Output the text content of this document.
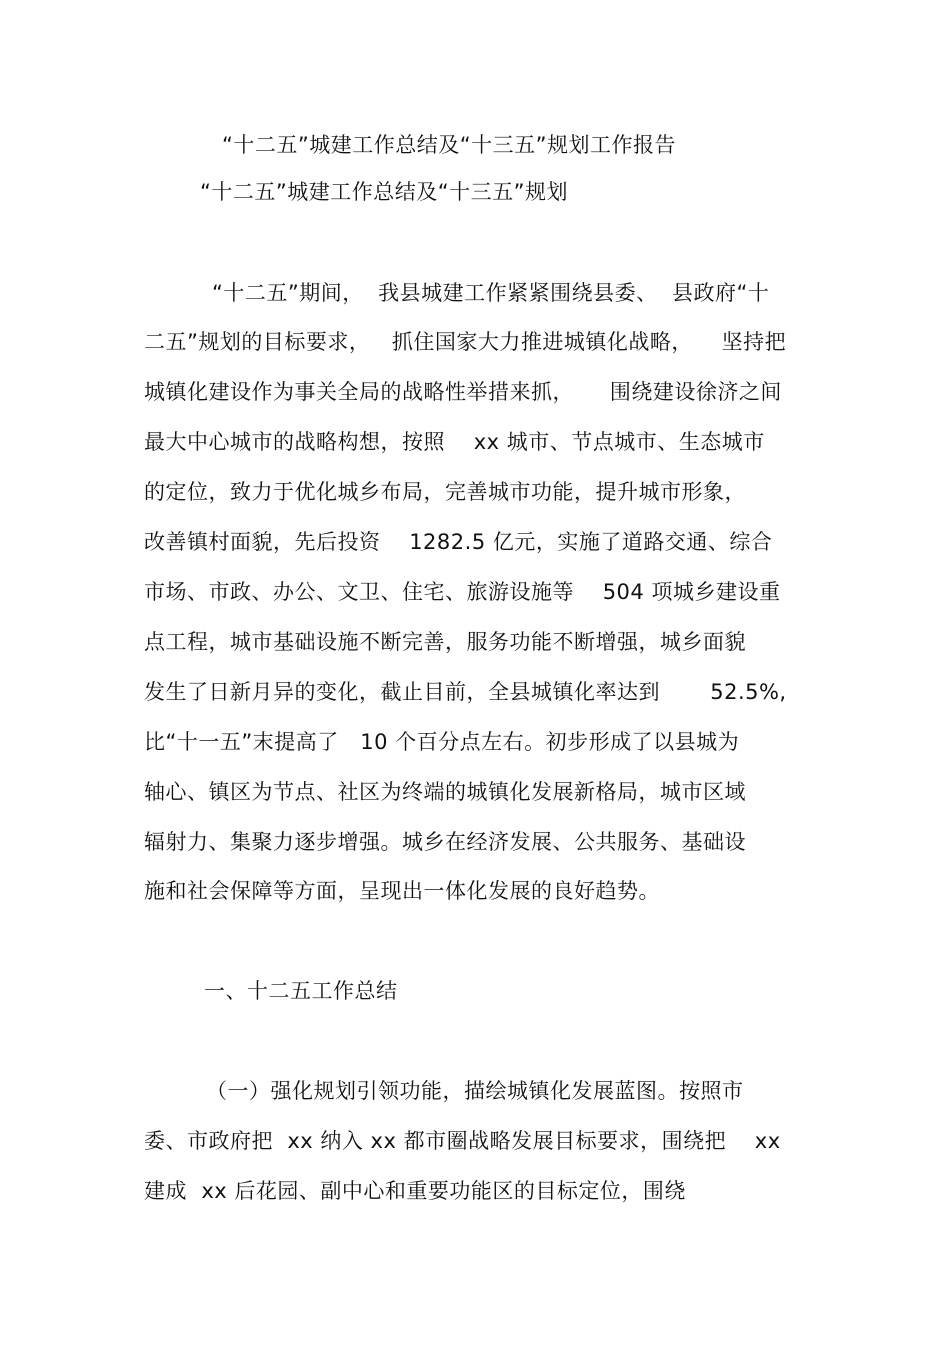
“十二五”城建工作总结及“十三五”规划工作报告
“十二五”城建工作总结及“十三五”规划
“十二五”期间，  我县城建工作紧紧围绕县委、  县政府“十
二五”规划的目标要求，   抓住国家大力推进城镇化战略，    坚持把
城镇化建设作为事关全局的战略性举措来抓，     围绕建设徐济之间
最大中心城市的战略构想，按照    xx 城市、节点城市、生态城市
的定位，致力于优化城乡布局，完善城市功能，提升城市形象，
改善镇村面貌，先后投资    1282.5 亿元，实施了道路交通、综合
市场、市政、办公、文卫、住宅、旅游设施等    504 项城乡建设重
点工程，城市基础设施不断完善，服务功能不断增强，城乡面貌
发生了日新月异的变化，截止目前，全县城镇化率达到       52.5%,
比“十一五”末提高了   10 个百分点左右。初步形成了以县城为
轴心、镇区为节点、社区为终端的城镇化发展新格局，城市区域
辐射力、集聚力逐步增强。城乡在经济发展、公共服务、基础设
施和社会保障等方面，呈现出一体化发展的良好趋势。
一、十二五工作总结
（一）强化规划引领功能，描绘城镇化发展蓝图。按照市
委、市政府把  xx 纳入 xx 都市圈战略发展目标要求，围绕把    xx
建成  xx 后花园、副中心和重要功能区的目标定位，围绕
